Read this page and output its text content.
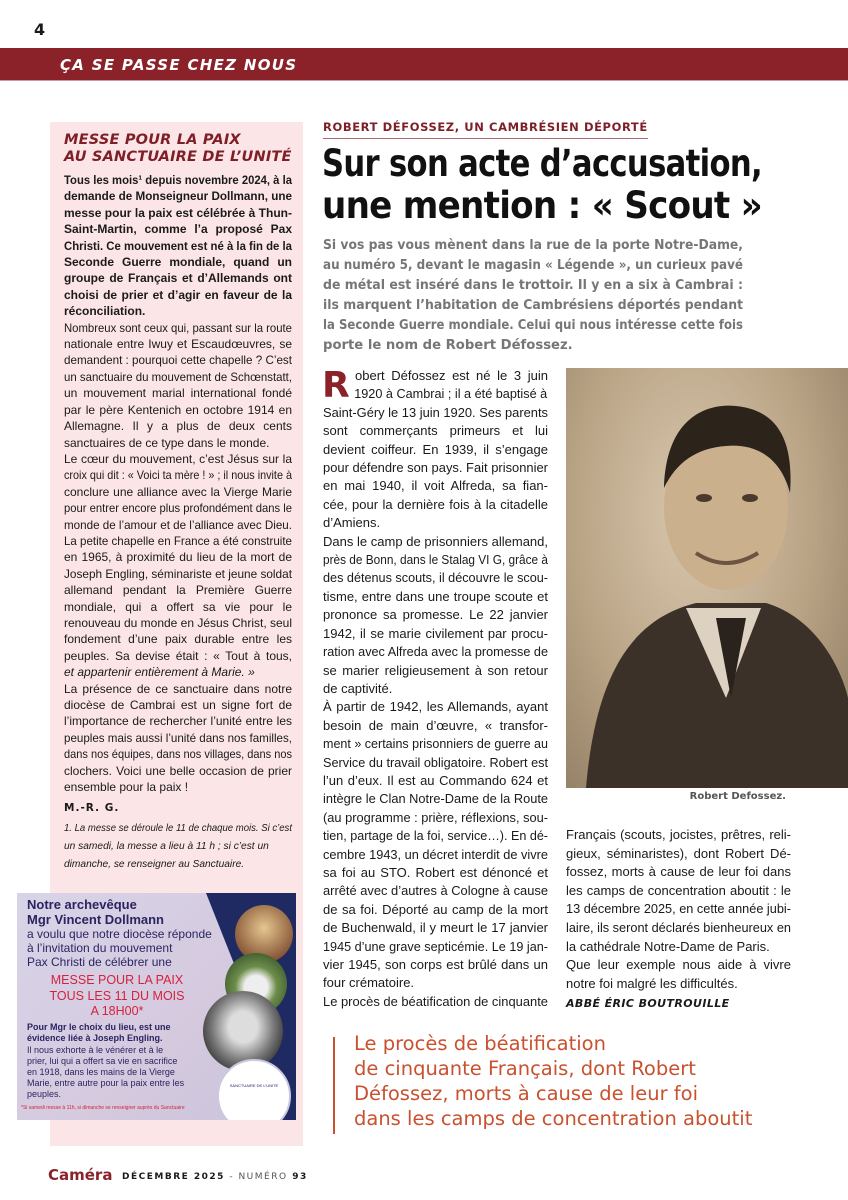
4
ÇA SE PASSE CHEZ NOUS
MESSE POUR LA PAIX
AU SANCTUAIRE DE L’UNITÉ
Tous les mois¹ depuis novembre 2024, à la
demande de Monseigneur Dollmann, une
messe pour la paix est célébrée à Thun-
Saint-Martin, comme l’a proposé Pax
Christi. Ce mouvement est né à la fin de la
Seconde Guerre mondiale, quand un
groupe de Français et d’Allemands ont
choisi de prier et d’agir en faveur de la
réconciliation.
Nombreux sont ceux qui, passant sur la route
nationale entre Iwuy et Escaudœuvres, se
demandent : pourquoi cette chapelle ? C’est
un sanctuaire du mouvement de Schœnstatt,
un mouvement marial international fondé
par le père Kentenich en octobre 1914 en
Allemagne. Il y a plus de deux cents
sanctuaires de ce type dans le monde.
Le cœur du mouvement, c’est Jésus sur la
croix qui dit : « Voici ta mère ! » ; il nous invite à
conclure une alliance avec la Vierge Marie
pour entrer encore plus profondément dans le
monde de l’amour et de l’alliance avec Dieu.
La petite chapelle en France a été construite
en 1965, à proximité du lieu de la mort de
Joseph Engling, séminariste et jeune soldat
allemand pendant la Première Guerre
mondiale, qui a offert sa vie pour le
renouveau du monde en Jésus Christ, seul
fondement d’une paix durable entre les
peuples. Sa devise était : « Tout à tous,
et appartenir entièrement à Marie. »
La présence de ce sanctuaire dans notre
diocèse de Cambrai est un signe fort de
l’importance de rechercher l’unité entre les
peuples mais aussi l’unité dans nos familles,
dans nos équipes, dans nos villages, dans nos
clochers. Voici une belle occasion de prier
ensemble pour la paix !
M.-R. G.
1. La messe se déroule le 11 de chaque mois. Si c’est
un samedi, la messe a lieu à 11 h ; si c’est un
dimanche, se renseigner au Sanctuaire.
Notre archevêque
Mgr Vincent Dollmann
a voulu que notre diocèse réponde
à l’invitation du mouvement
Pax Christi de célébrer une
MESSE POUR LA PAIX
TOUS LES 11 DU MOIS
A 18H00*
Pour Mgr le choix du lieu, est une
évidence liée à Joseph Engling.
Il nous exhorte à le vénérer et à le
prier, lui qui a offert sa vie en sacrifice
en 1918, dans les mains de la Vierge
Marie, entre autre pour la paix entre les
peuples.
*Si samedi messe à 11h, si dimanche se renseigner auprès du Sanctuaire
SANCTUAIRE DE L’UNITÉ
ROBERT DÉFOSSEZ, UN CAMBRÉSIEN DÉPORTÉ
Sur son acte d’accusation,
une mention : « Scout »
Si vos pas vous mènent dans la rue de la porte Notre-Dame,
au numéro 5, devant le magasin « Légende », un curieux pavé
de métal est inséré dans le trottoir. Il y en a six à Cambrai :
ils marquent l’habitation de Cambrésiens déportés pendant
la Seconde Guerre mondiale. Celui qui nous intéresse cette fois
porte le nom de Robert Défossez.
R obert Défossez est né le 3 juin
1920 à Cambrai ; il a été baptisé à
Saint-Géry le 13 juin 1920. Ses parents
sont commerçants primeurs et lui
devient coiffeur. En 1939, il s’engage
pour défendre son pays. Fait prisonnier
en mai 1940, il voit Alfreda, sa fian-
cée, pour la dernière fois à la citadelle
d’Amiens.
Dans le camp de prisonniers allemand,
près de Bonn, dans le Stalag VI G, grâce à
des détenus scouts, il découvre le scou-
tisme, entre dans une troupe scoute et
prononce sa promesse. Le 22 janvier
1942, il se marie civilement par procu-
ration avec Alfreda avec la promesse de
se marier religieusement à son retour
de captivité.
À partir de 1942, les Allemands, ayant
besoin de main d’œuvre, « transfor-
ment » certains prisonniers de guerre au
Service du travail obligatoire. Robert est
l’un d’eux. Il est au Commando 624 et
intègre le Clan Notre-Dame de la Route
(au programme : prière, réflexions, sou-
tien, partage de la foi, service…). En dé-
cembre 1943, un décret interdit de vivre
sa foi au STO. Robert est dénoncé et
arrêté avec d’autres à Cologne à cause
de sa foi. Déporté au camp de la mort
de Buchenwald, il y meurt le 17 janvier
1945 d’une grave septicémie. Le 19 jan-
vier 1945, son corps est brûlé dans un
four crématoire.
Le procès de béatification de cinquante
Robert Defossez.
Français (scouts, jocistes, prêtres, reli-
gieux, séminaristes), dont Robert Dé-
fossez, morts à cause de leur foi dans
les camps de concentration aboutit : le
13 décembre 2025, en cette année jubi-
laire, ils seront déclarés bienheureux en
la cathédrale Notre-Dame de Paris.
Que leur exemple nous aide à vivre
notre foi malgré les difficultés.
ABBÉ ÉRIC BOUTROUILLE
Le procès de béatification
de cinquante Français, dont Robert
Défossez, morts à cause de leur foi
dans les camps de concentration aboutit
Caméra DÉCEMBRE 2025 - NUMÉRO 93
